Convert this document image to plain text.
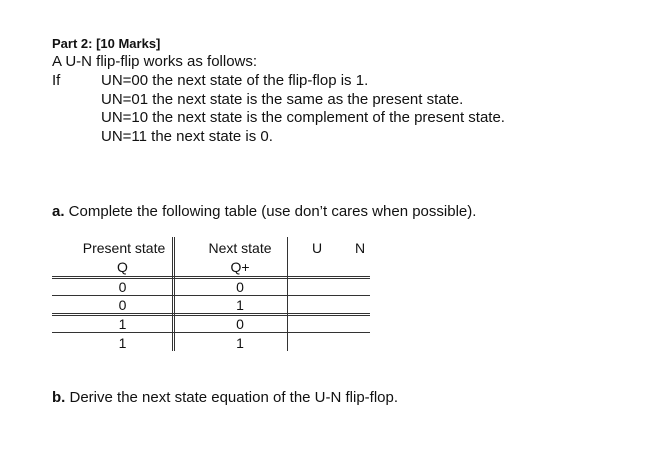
Part 2: [10 Marks]
A U-N flip-flip works as follows:
If	UN=00 the next state of the flip-flop is 1.
UN=01 the next state is the same as the present state.
UN=10 the next state is the complement of the present state.
UN=11 the next state is 0.
a. Complete the following table (use don’t cares when possible).
Present state	Next state	U	N
Q	Q+
0	0
0	1
1	0
1	1
b. Derive the next state equation of the U-N flip-flop.
